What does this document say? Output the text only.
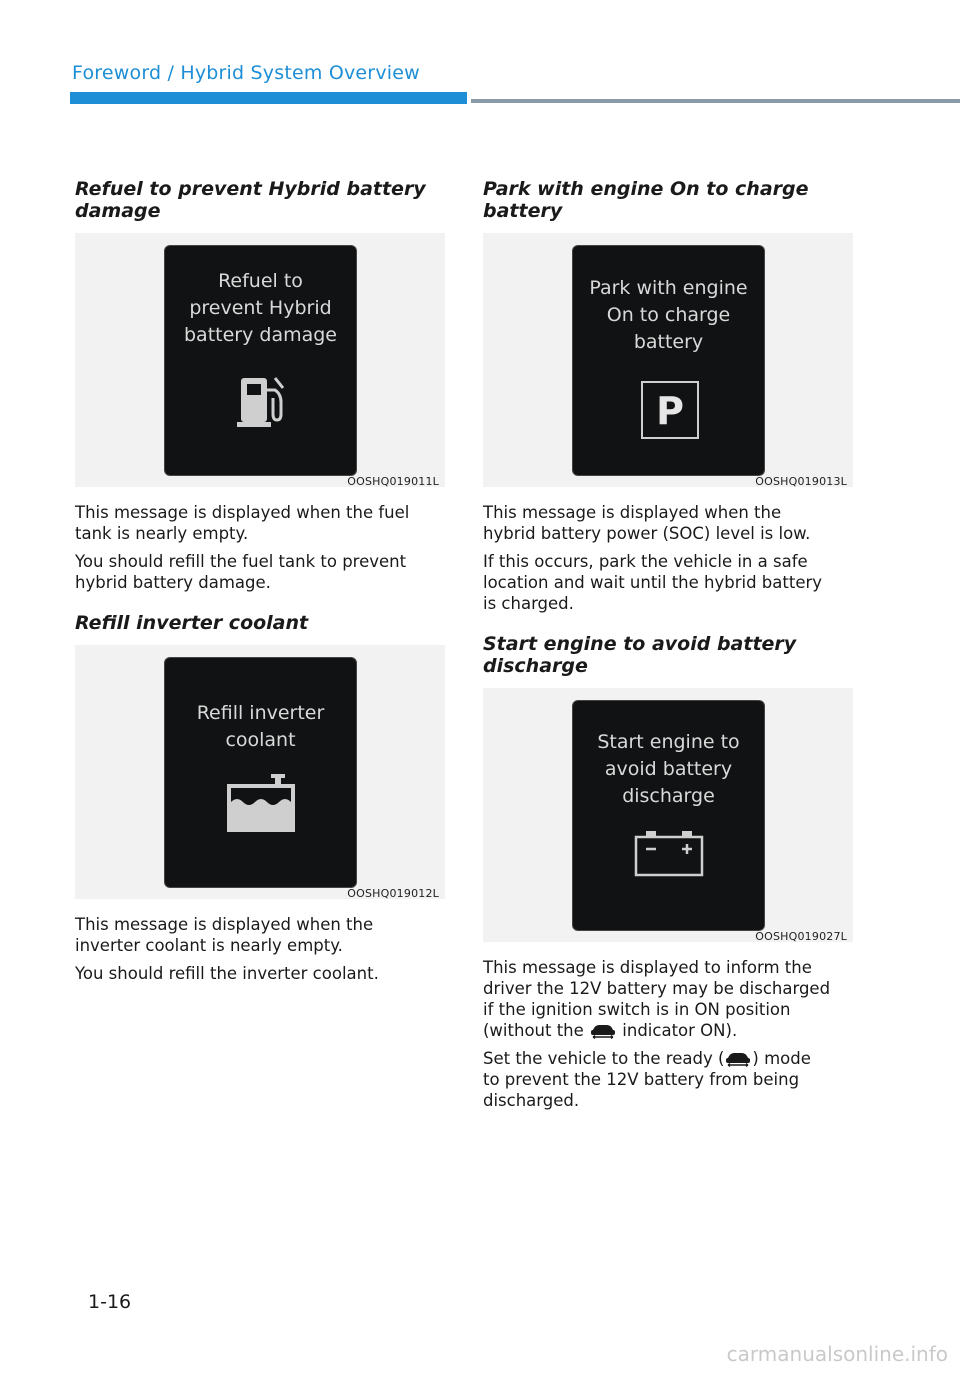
Foreword / Hybrid System Overview
Refuel to prevent Hybrid battery
damage
Refuel to
prevent Hybrid
battery damage
OOSHQ019011L

This message is displayed when the fuel
tank is nearly empty.

You should refill the fuel tank to prevent
hybrid battery damage.

Refill inverter coolant
Refill inverter
coolant
OOSHQ019012L

This message is displayed when the
inverter coolant is nearly empty.

You should refill the inverter coolant.

Park with engine On to charge
battery
Park with engine
On to charge
battery
P
OOSHQ019013L

This message is displayed when the
hybrid battery power (SOC) level is low.

If this occurs, park the vehicle in a safe
location and wait until the hybrid battery
is charged.

Start engine to avoid battery
discharge
Start engine to
avoid battery
discharge
OOSHQ019027L

This message is displayed to inform the
driver the 12V battery may be discharged
if the ignition switch is in ON position
(without the indicator ON).

Set the vehicle to the ready ( ) mode
to prevent the 12V battery from being
discharged.

1-16
carmanualsonline.info
